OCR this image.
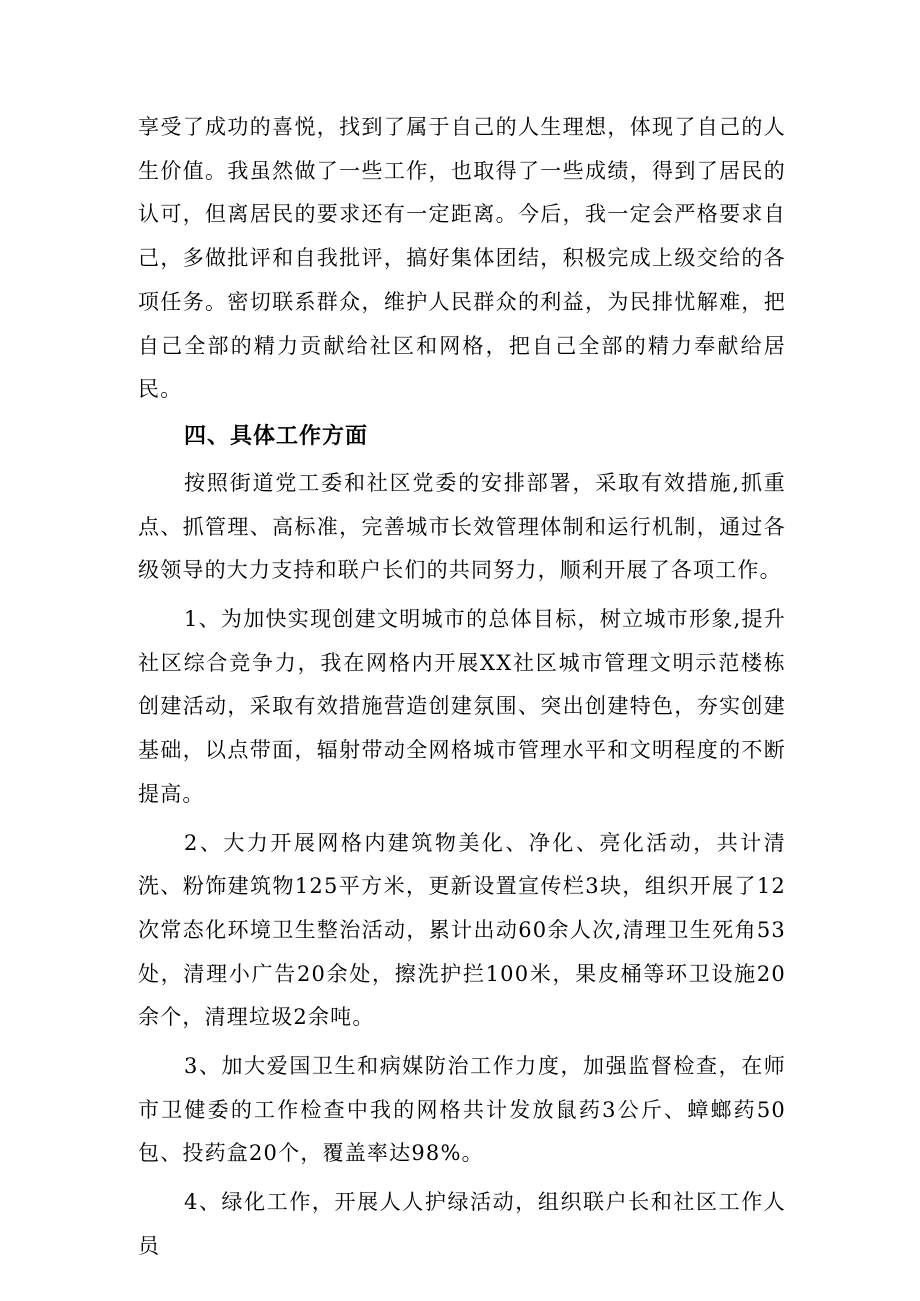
享受了成功的喜悦，找到了属于自己的人生理想，体现了自己的人生价值。我虽然做了一些工作，也取得了一些成绩，得到了居民的认可，但离居民的要求还有一定距离。今后，我一定会严格要求自己，多做批评和自我批评，搞好集体团结，积极完成上级交给的各项任务。密切联系群众，维护人民群众的利益，为民排忧解难，把自己全部的精力贡献给社区和网格，把自己全部的精力奉献给居民。

四、具体工作方面

按照街道党工委和社区党委的安排部署，采取有效措施,抓重点、抓管理、高标准，完善城市长效管理体制和运行机制，通过各级领导的大力支持和联户长们的共同努力，顺利开展了各项工作。

1、为加快实现创建文明城市的总体目标，树立城市形象,提升社区综合竞争力，我在网格内开展XX社区城市管理文明示范楼栋创建活动，采取有效措施营造创建氛围、突出创建特色，夯实创建基础，以点带面，辐射带动全网格城市管理水平和文明程度的不断提高。

2、大力开展网格内建筑物美化、净化、亮化活动，共计清洗、粉饰建筑物125平方米，更新设置宣传栏3块，组织开展了12次常态化环境卫生整治活动，累计出动60余人次,清理卫生死角53处，清理小广告20余处，擦洗护拦100米，果皮桶等环卫设施20余个，清理垃圾2余吨。

3、加大爱国卫生和病媒防治工作力度，加强监督检查，在师市卫健委的工作检查中我的网格共计发放鼠药3公斤、蟑螂药50包、投药盒20个，覆盖率达98%。

4、绿化工作，开展人人护绿活动，组织联户长和社区工作人员
